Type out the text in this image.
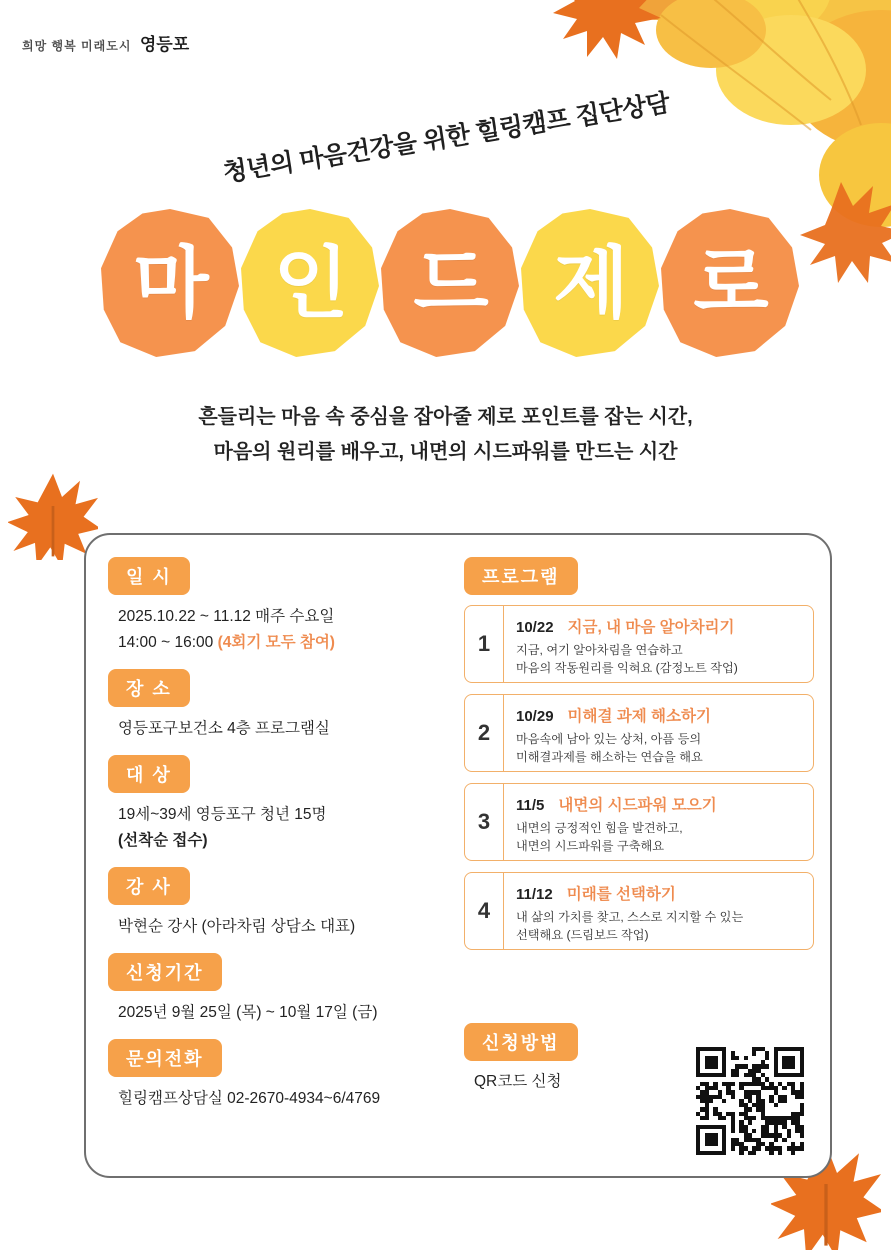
희망 행복 미래도시 영등포
청년의 마음건강을 위한 힐링캠프 집단상담
마 인 드 제 로
흔들리는 마음 속 중심을 잡아줄 제로 포인트를 잡는 시간,
마음의 원리를 배우고, 내면의 시드파워를 만드는 시간
일 시

2025.10.22 ~ 11.12 매주 수요일

14:00 ~ 16:00 (4회기 모두 참여)

장 소

영등포구보건소 4층 프로그램실

대 상

19세~39세 영등포구 청년 15명

(선착순 접수)

강 사

박현순 강사 (아라차림 상담소 대표)

신청기간

2025년 9월 25일 (목) ~ 10월 17일 (금)

문의전화

힐링캠프상담실 02-2670-4934~6/4769

프로그램
1
10/22 지금, 내 마음 알아차리기
지금, 여기 알아차림을 연습하고
마음의 작동원리를 익혀요 (감정노트 작업)
2
10/29 미해결 과제 해소하기
마음속에 남아 있는 상처, 아픔 등의
미해결과제를 해소하는 연습을 해요
3
11/5 내면의 시드파워 모으기
내면의 긍정적인 힘을 발견하고,
내면의 시드파워를 구축해요
4
11/12 미래를 선택하기
내 삶의 가치를 찾고, 스스로 지지할 수 있는
선택해요 (드림보드 작업)
신청방법

QR코드 신청
